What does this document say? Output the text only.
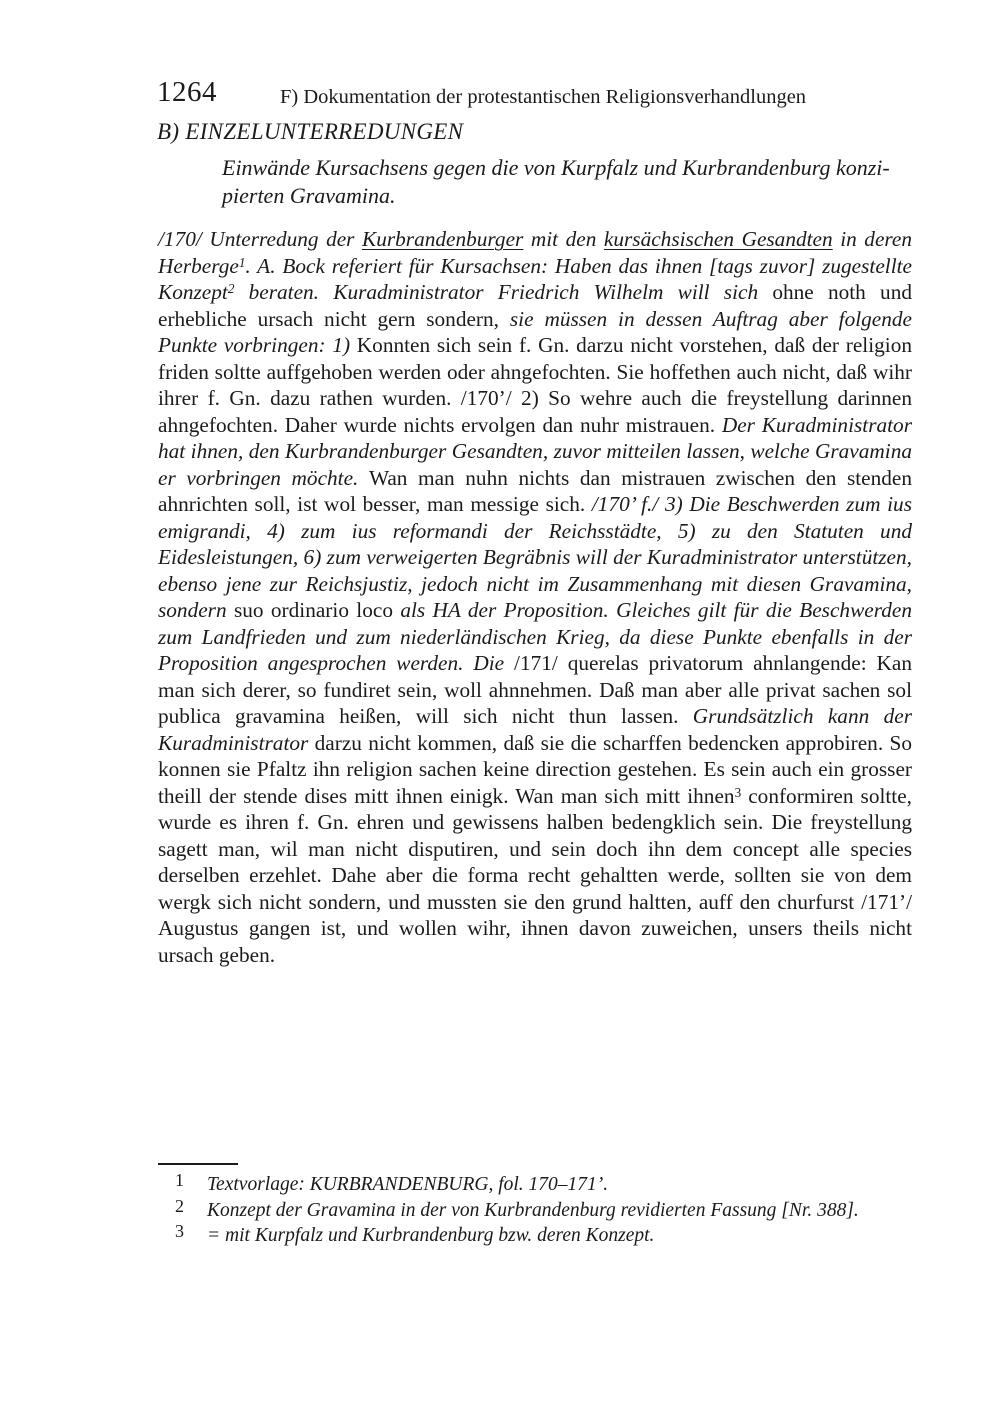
1264	F) Dokumentation der protestantischen Religionsverhandlungen
B) EINZELUNTERREDUNGEN
Einwände Kursachsens gegen die von Kurpfalz und Kurbrandenburg konzi-
pierten Gravamina.
/170/ Unterredung der Kurbrandenburger mit den kursächsischen Gesandten in deren Herberge$^1$. A. Bock referiert für Kursachsen: Haben das ihnen [tags zuvor] zugestellte Konzept$^2$ beraten. Kuradministrator Friedrich Wilhelm will sich ohne noth und erhebliche ursach nicht gern sondern, sie müssen in dessen Auftrag aber folgende Punkte vorbringen: 1) Konnten sich sein f. Gn. darzu nicht vorstehen, daß der religion friden soltte auffgehoben werden oder ahngefochten. Sie hoffethen auch nicht, daß wihr ihrer f. Gn. dazu rathen wurden. /170’/ 2) So wehre auch die freystellung darinnen ahngefochten. Daher wurde nichts ervolgen dan nuhr mistrauen. Der Kuradministrator hat ihnen, den Kurbrandenburger Gesandten, zuvor mitteilen lassen, welche Gravamina er vorbringen möchte. Wan man nuhn nichts dan mistrauen zwischen den stenden ahnrichten soll, ist wol besser, man messige sich. /170’ f./ 3) Die Beschwerden zum ius emigrandi, 4) zum ius reformandi der Reichsstädte, 5) zu den Statuten und Eidesleistungen, 6) zum verweigerten Begräbnis will der Kuradministrator unterstützen, ebenso jene zur Reichsjustiz, jedoch nicht im Zusammenhang mit diesen Gravamina, sondern suo ordinario loco als HA der Proposition. Gleiches gilt für die Beschwerden zum Landfrieden und zum niederländischen Krieg, da diese Punkte ebenfalls in der Proposition angesprochen werden. Die /171/ querelas privatorum ahnlangende: Kan man sich derer, so fundiret sein, woll ahnnehmen. Daß man aber alle privat sachen sol publica gravamina heißen, will sich nicht thun lassen. Grundsätzlich kann der Kuradministrator darzu nicht kommen, daß sie die scharffen bedencken approbiren. So konnen sie Pfaltz ihn religion sachen keine direction gestehen. Es sein auch ein grosser theill der stende dises mitt ihnen einigk. Wan man sich mitt ihnen$^3$ conformiren soltte, wurde es ihren f. Gn. ehren und gewissens halben bedengklich sein. Die freystellung sagett man, wil man nicht disputiren, und sein doch ihn dem concept alle species derselben erzehlet. Dahe aber die forma recht gehaltten werde, sollten sie von dem wergk sich nicht sondern, und mussten sie den grund haltten, auff den churfurst /171’/ Augustus gangen ist, und wollen wihr, ihnen davon zuweichen, unsers theils nicht ursach geben.
1	Textvorlage: KURBRANDENBURG, fol. 170–171’.
2	Konzept der Gravamina in der von Kurbrandenburg revidierten Fassung [Nr. 388].
3	= mit Kurpfalz und Kurbrandenburg bzw. deren Konzept.
